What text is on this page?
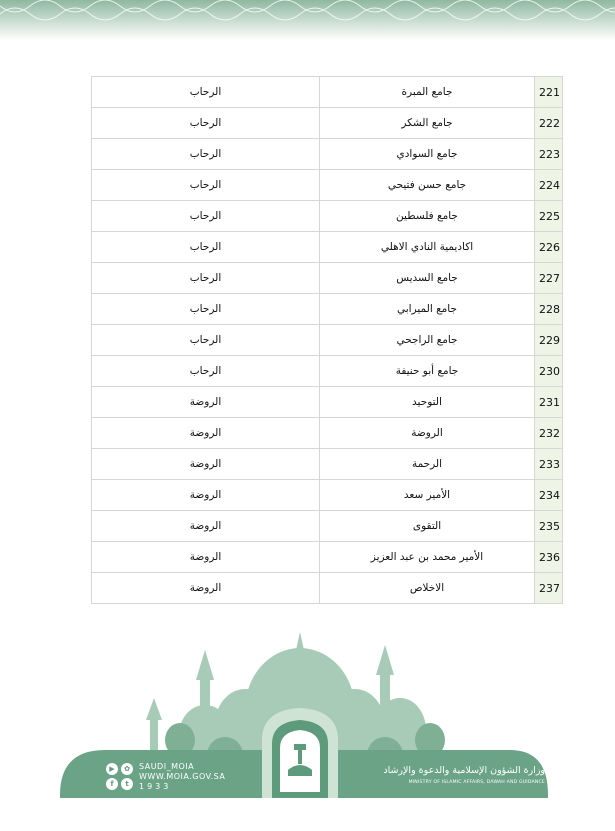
الرحاب	جامع المبرة	221
الرحاب	جامع الشكر	222
الرحاب	جامع السوادي	223
الرحاب	جامع حسن فتيحي	224
الرحاب	جامع فلسطين	225
الرحاب	اكاديمية النادي الاهلي	226
الرحاب	جامع السديس	227
الرحاب	جامع الميرابي	228
الرحاب	جامع الراجحي	229
الرحاب	جامع أبو حنيفة	230
الروضة	التوحيد	231
الروضة	الروضة	232
الروضة	الرحمة	233
الروضة	الأمير سعد	234
الروضة	التقوى	235
الروضة	الأمير محمد بن عبد العزيز	236
الروضة	الاخلاص	237
▶	✿
f	t
SAUDI_MOIA
WWW.MOIA.GOV.SA
1933
وزارة الشؤون الإسلامية والدعوة والإرشاد
MINISTRY OF ISLAMIC AFFAIRS, DAWAH AND GUIDANCE
